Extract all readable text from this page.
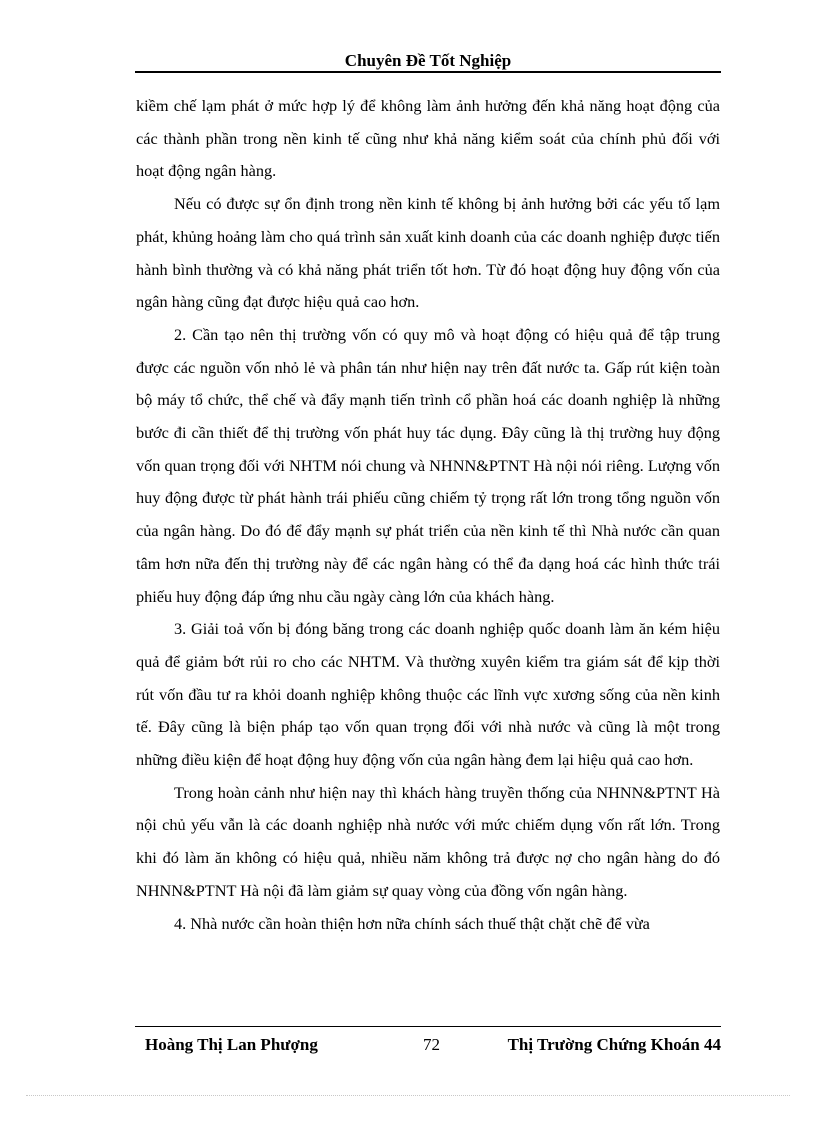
Chuyên Đề Tốt Nghiệp

kiềm chế lạm phát ở mức hợp lý để không làm ảnh hưởng đến khả năng hoạt động của các thành phần trong nền kinh tế cũng như khả năng kiểm soát của chính phủ đối với hoạt động ngân hàng.

Nếu có được sự ổn định trong nền kinh tế không bị ảnh hưởng bởi các yếu tố lạm phát, khủng hoảng làm cho quá trình sản xuất kinh doanh của các doanh nghiệp được tiến hành bình thường và có khả năng phát triển tốt hơn. Từ đó hoạt động huy động vốn của ngân hàng cũng đạt được hiệu quả cao hơn.

2. Cần tạo nên thị trường vốn có quy mô và hoạt động có hiệu quả để tập trung được các nguồn vốn nhỏ lẻ và phân tán như hiện nay trên đất nước ta. Gấp rút kiện toàn bộ máy tổ chức, thể chế và đẩy mạnh tiến trình cổ phần hoá các doanh nghiệp là những bước đi cần thiết để thị trường vốn phát huy tác dụng. Đây cũng là thị trường huy động vốn quan trọng đối với NHTM nói chung và NHNN&PTNT Hà nội nói riêng. Lượng vốn huy động được từ phát hành trái phiếu cũng chiếm tỷ trọng rất lớn trong tổng nguồn vốn của ngân hàng. Do đó để đẩy mạnh sự phát triển của nền kinh tế thì Nhà nước cần quan tâm hơn nữa đến thị trường này để các ngân hàng có thể đa dạng hoá các hình thức trái phiếu huy động đáp ứng nhu cầu ngày càng lớn của khách hàng.

3. Giải toả vốn bị đóng băng trong các doanh nghiệp quốc doanh làm ăn kém hiệu quả để giảm bớt rủi ro cho các NHTM. Và thường xuyên kiểm tra giám sát để kịp thời rút vốn đầu tư ra khỏi doanh nghiệp không thuộc các lĩnh vực xương sống của nền kinh tế. Đây cũng là biện pháp tạo vốn quan trọng đối với nhà nước và cũng là một trong những điều kiện để hoạt động huy động vốn của ngân hàng đem lại hiệu quả cao hơn.

Trong hoàn cảnh như hiện nay thì khách hàng truyền thống của NHNN&PTNT Hà nội chủ yếu vẫn là các doanh nghiệp nhà nước với mức chiếm dụng vốn rất lớn. Trong khi đó làm ăn không có hiệu quả, nhiều năm không trả được nợ cho ngân hàng do đó NHNN&PTNT Hà nội đã làm giảm sự quay vòng của đồng vốn ngân hàng.

4. Nhà nước cần hoàn thiện hơn nữa chính sách thuế thật chặt chẽ để vừa

Hoàng Thị Lan Phượng	72	Thị Trường Chứng Khoán 44
